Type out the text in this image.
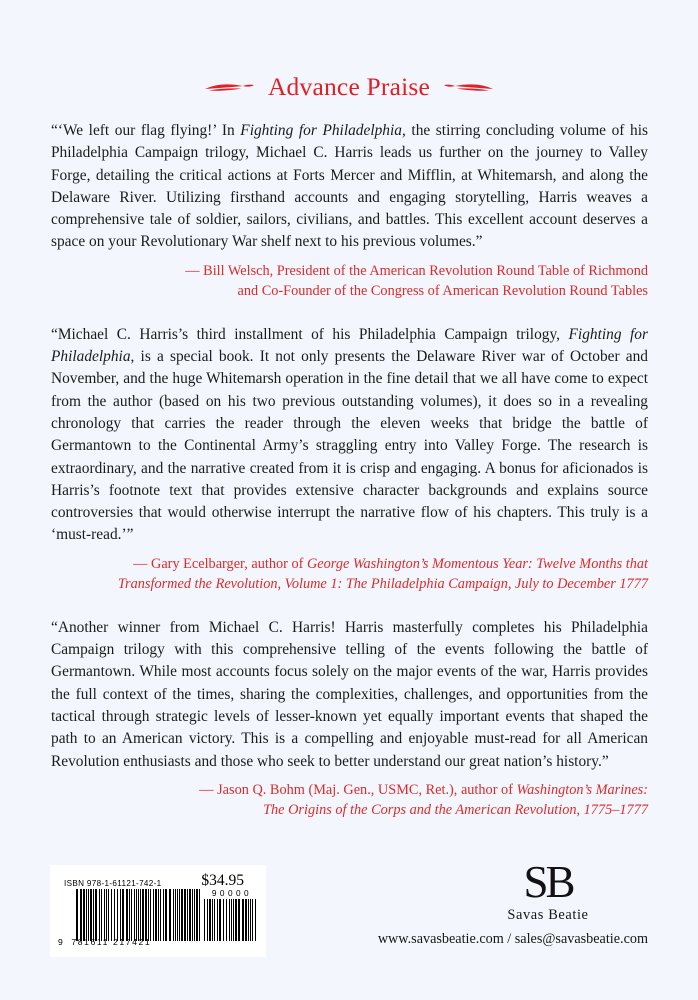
Advance Praise
“‘We left our flag flying!’ In Fighting for Philadelphia, the stirring concluding volume of his Philadelphia Campaign trilogy, Michael C. Harris leads us further on the journey to Valley Forge, detailing the critical actions at Forts Mercer and Mifflin, at Whitemarsh, and along the Delaware River. Utilizing firsthand accounts and engaging storytelling, Harris weaves a comprehensive tale of soldier, sailors, civilians, and battles. This excellent account deserves a space on your Revolutionary War shelf next to his previous volumes.”
— Bill Welsch, President of the American Revolution Round Table of Richmond
and Co-Founder of the Congress of American Revolution Round Tables
“Michael C. Harris’s third installment of his Philadelphia Campaign trilogy, Fighting for Philadelphia, is a special book. It not only presents the Delaware River war of October and November, and the huge Whitemarsh operation in the fine detail that we all have come to expect from the author (based on his two previous outstanding volumes), it does so in a revealing chronology that carries the reader through the eleven weeks that bridge the battle of Germantown to the Continental Army’s straggling entry into Valley Forge. The research is extraordinary, and the narrative created from it is crisp and engaging. A bonus for aficionados is Harris’s footnote text that provides extensive character backgrounds and explains source controversies that would otherwise interrupt the narrative flow of his chapters. This truly is a ‘must-read.’”
— Gary Ecelbarger, author of George Washington’s Momentous Year: Twelve Months that
Transformed the Revolution, Volume 1: The Philadelphia Campaign, July to December 1777
“Another winner from Michael C. Harris! Harris masterfully completes his Philadelphia Campaign trilogy with this comprehensive telling of the events following the battle of Germantown. While most accounts focus solely on the major events of the war, Harris provides the full context of the times, sharing the complexities, challenges, and opportunities from the tactical through strategic levels of lesser-known yet equally important events that shaped the path to an American victory. This is a compelling and enjoyable must-read for all American Revolution enthusiasts and those who seek to better understand our great nation’s history.”
— Jason Q. Bohm (Maj. Gen., USMC, Ret.), author of Washington’s Marines:
The Origins of the Corps and the American Revolution, 1775–1777
ISBN 978-1-61121-742-1	$34.95
90000
9 781611 217421
SB
Savas Beatie
www.savasbeatie.com / sales@savasbeatie.com
